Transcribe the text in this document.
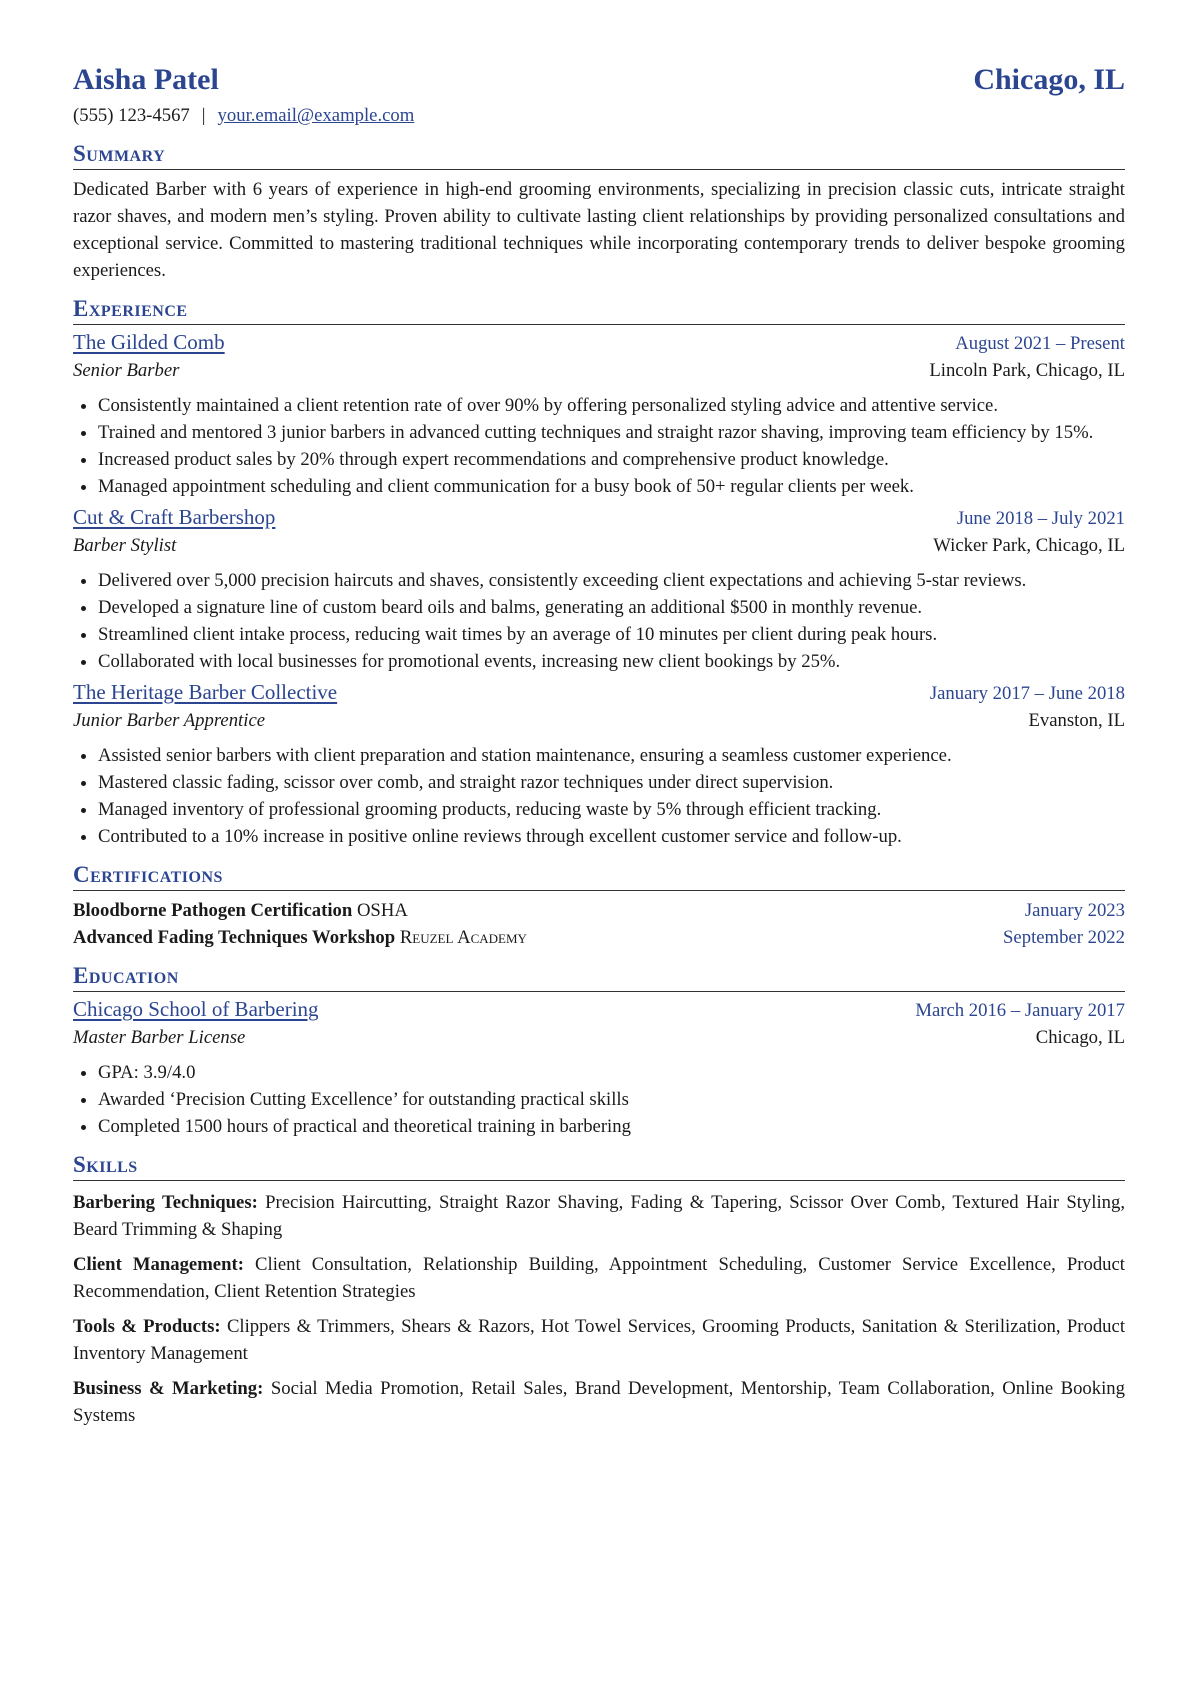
Aisha Patel	Chicago, IL
(555) 123-4567 | your.email@example.com
Summary
Dedicated Barber with 6 years of experience in high-end grooming environments, specializing in precision classic cuts, intricate straight razor shaves, and modern men’s styling. Proven ability to cultivate lasting client relationships by providing personalized consultations and exceptional service. Committed to mastering traditional techniques while incorporating contemporary trends to deliver bespoke grooming experiences.
Experience
The Gilded Comb	August 2021 – Present
Senior Barber	Lincoln Park, Chicago, IL
• Consistently maintained a client retention rate of over 90% by offering personalized styling advice and attentive service.
• Trained and mentored 3 junior barbers in advanced cutting techniques and straight razor shaving, improving team efficiency by 15%.
• Increased product sales by 20% through expert recommendations and comprehensive product knowledge.
• Managed appointment scheduling and client communication for a busy book of 50+ regular clients per week.
Cut & Craft Barbershop	June 2018 – July 2021
Barber Stylist	Wicker Park, Chicago, IL
• Delivered over 5,000 precision haircuts and shaves, consistently exceeding client expectations and achieving 5-star reviews.
• Developed a signature line of custom beard oils and balms, generating an additional $500 in monthly revenue.
• Streamlined client intake process, reducing wait times by an average of 10 minutes per client during peak hours.
• Collaborated with local businesses for promotional events, increasing new client bookings by 25%.
The Heritage Barber Collective	January 2017 – June 2018
Junior Barber Apprentice	Evanston, IL
• Assisted senior barbers with client preparation and station maintenance, ensuring a seamless customer experience.
• Mastered classic fading, scissor over comb, and straight razor techniques under direct supervision.
• Managed inventory of professional grooming products, reducing waste by 5% through efficient tracking.
• Contributed to a 10% increase in positive online reviews through excellent customer service and follow-up.
Certifications
Bloodborne Pathogen Certification OSHA	January 2023
Advanced Fading Techniques Workshop Reuzel Academy	September 2022
Education
Chicago School of Barbering	March 2016 – January 2017
Master Barber License	Chicago, IL
• GPA: 3.9/4.0
• Awarded ‘Precision Cutting Excellence’ for outstanding practical skills
• Completed 1500 hours of practical and theoretical training in barbering
Skills
Barbering Techniques: Precision Haircutting, Straight Razor Shaving, Fading & Tapering, Scissor Over Comb, Textured Hair Styling, Beard Trimming & Shaping
Client Management: Client Consultation, Relationship Building, Appointment Scheduling, Customer Service Excellence, Product Recommendation, Client Retention Strategies
Tools & Products: Clippers & Trimmers, Shears & Razors, Hot Towel Services, Grooming Products, Sanitation & Sterilization, Product Inventory Management
Business & Marketing: Social Media Promotion, Retail Sales, Brand Development, Mentorship, Team Collaboration, Online Booking Systems
